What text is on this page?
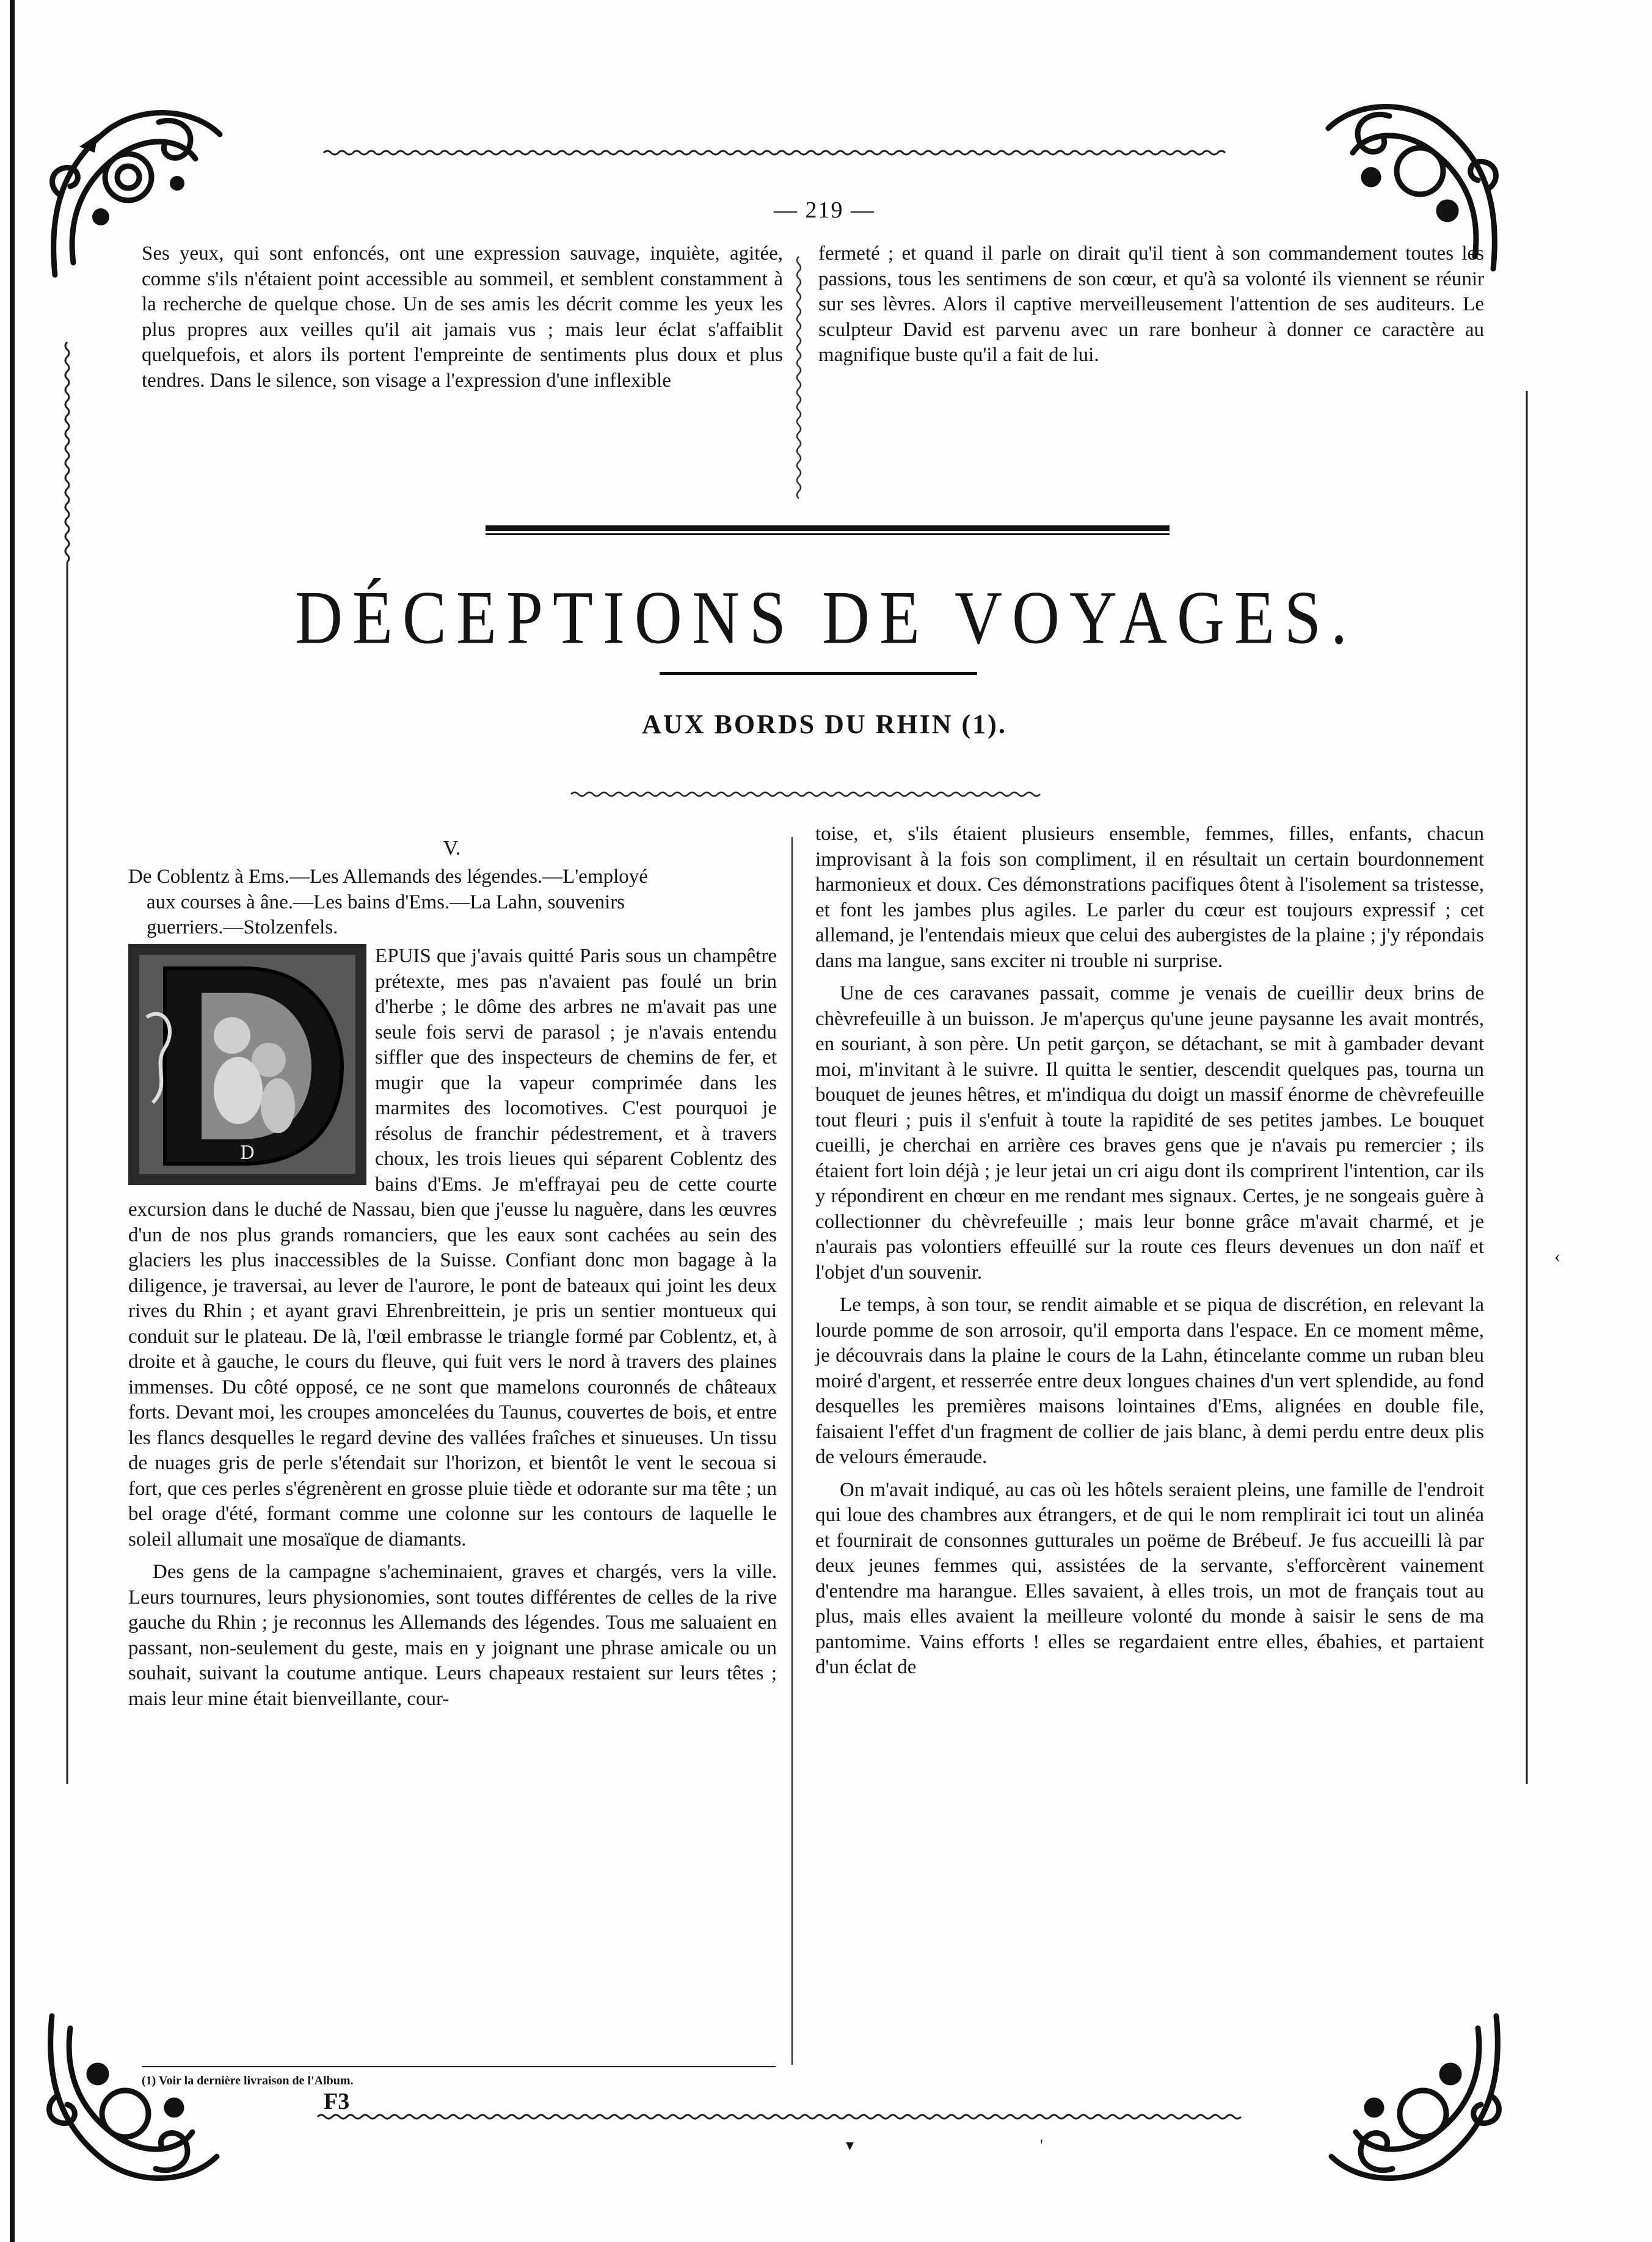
— 219 —

Ses yeux, qui sont enfoncés, ont une expression sauvage, inquiète, agitée, comme s'ils n'étaient point accessible au sommeil, et semblent constamment à la recherche de quelque chose. Un de ses amis les décrit comme les yeux les plus propres aux veilles qu'il ait jamais vus ; mais leur éclat s'affaiblit quelquefois, et alors ils portent l'empreinte de sentiments plus doux et plus tendres. Dans le silence, son visage a l'expression d'une inflexible

fermeté ; et quand il parle on dirait qu'il tient à son commandement toutes les passions, tous les sentimens de son cœur, et qu'à sa volonté ils viennent se réunir sur ses lèvres. Alors il captive merveilleusement l'attention de ses auditeurs. Le sculpteur David est parvenu avec un rare bonheur à donner ce caractère au magnifique buste qu'il a fait de lui.

DÉCEPTIONS DE VOYAGES.
AUX BORDS DU RHIN (1).
V.
De Coblentz à Ems.—Les Allemands des légendes.—L'employé
aux courses à âne.—Les bains d'Ems.—La Lahn, souvenirs
guerriers.—Stolzenfels.
D

EPUIS que j'avais quitté Paris sous un champêtre prétexte, mes pas n'avaient pas foulé un brin d'herbe ; le dôme des arbres ne m'avait pas une seule fois servi de parasol ; je n'avais entendu siffler que des inspecteurs de chemins de fer, et mugir que la vapeur comprimée dans les marmites des locomotives. C'est pourquoi je résolus de franchir pédestrement, et à travers choux, les trois lieues qui séparent Coblentz des bains d'Ems. Je m'effrayai peu de cette courte excursion dans le duché de Nassau, bien que j'eusse lu naguère, dans les œuvres d'un de nos plus grands romanciers, que les eaux sont cachées au sein des glaciers les plus inaccessibles de la Suisse. Confiant donc mon bagage à la diligence, je traversai, au lever de l'aurore, le pont de bateaux qui joint les deux rives du Rhin ; et ayant gravi Ehrenbreittein, je pris un sentier montueux qui conduit sur le plateau. De là, l'œil embrasse le triangle formé par Coblentz, et, à droite et à gauche, le cours du fleuve, qui fuit vers le nord à travers des plaines immenses. Du côté opposé, ce ne sont que mamelons couronnés de châteaux forts. Devant moi, les croupes amoncelées du Taunus, couvertes de bois, et entre les flancs desquelles le regard devine des vallées fraîches et sinueuses. Un tissu de nuages gris de perle s'étendait sur l'horizon, et bientôt le vent le secoua si fort, que ces perles s'égrenèrent en grosse pluie tiède et odorante sur ma tête ; un bel orage d'été, formant comme une colonne sur les contours de laquelle le soleil allumait une mosaïque de diamants.

Des gens de la campagne s'acheminaient, graves et chargés, vers la ville. Leurs tournures, leurs physionomies, sont toutes différentes de celles de la rive gauche du Rhin ; je reconnus les Allemands des légendes. Tous me saluaient en passant, non-seulement du geste, mais en y joignant une phrase amicale ou un souhait, suivant la coutume antique. Leurs chapeaux restaient sur leurs têtes ; mais leur mine était bienveillante, cour-

toise, et, s'ils étaient plusieurs ensemble, femmes, filles, enfants, chacun improvisant à la fois son compliment, il en résultait un certain bourdonnement harmonieux et doux. Ces démonstrations pacifiques ôtent à l'isolement sa tristesse, et font les jambes plus agiles. Le parler du cœur est toujours expressif ; cet allemand, je l'entendais mieux que celui des aubergistes de la plaine ; j'y répondais dans ma langue, sans exciter ni trouble ni surprise.

Une de ces caravanes passait, comme je venais de cueillir deux brins de chèvrefeuille à un buisson. Je m'aperçus qu'une jeune paysanne les avait montrés, en souriant, à son père. Un petit garçon, se détachant, se mit à gambader devant moi, m'invitant à le suivre. Il quitta le sentier, descendit quelques pas, tourna un bouquet de jeunes hêtres, et m'indiqua du doigt un massif énorme de chèvrefeuille tout fleuri ; puis il s'enfuit à toute la rapidité de ses petites jambes. Le bouquet cueilli, je cherchai en arrière ces braves gens que je n'avais pu remercier ; ils étaient fort loin déjà ; je leur jetai un cri aigu dont ils comprirent l'intention, car ils y répondirent en chœur en me rendant mes signaux. Certes, je ne songeais guère à collectionner du chèvrefeuille ; mais leur bonne grâce m'avait charmé, et je n'aurais pas volontiers effeuillé sur la route ces fleurs devenues un don naïf et l'objet d'un souvenir.

Le temps, à son tour, se rendit aimable et se piqua de discrétion, en relevant la lourde pomme de son arrosoir, qu'il emporta dans l'espace. En ce moment même, je découvrais dans la plaine le cours de la Lahn, étincelante comme un ruban bleu moiré d'argent, et resserrée entre deux longues chaines d'un vert splendide, au fond desquelles les premières maisons lointaines d'Ems, alignées en double file, faisaient l'effet d'un fragment de collier de jais blanc, à demi perdu entre deux plis de velours émeraude.

On m'avait indiqué, au cas où les hôtels seraient pleins, une famille de l'endroit qui loue des chambres aux étrangers, et de qui le nom remplirait ici tout un alinéa et fournirait de consonnes gutturales un poëme de Brébeuf. Je fus accueilli là par deux jeunes femmes qui, assistées de la servante, s'efforcèrent vainement d'entendre ma harangue. Elles savaient, à elles trois, un mot de français tout au plus, mais elles avaient la meilleure volonté du monde à saisir le sens de ma pantomime. Vains efforts ! elles se regardaient entre elles, ébahies, et partaient d'un éclat de

(1) Voir la dernière livraison de l'Album.
F3
▾	'
‹
